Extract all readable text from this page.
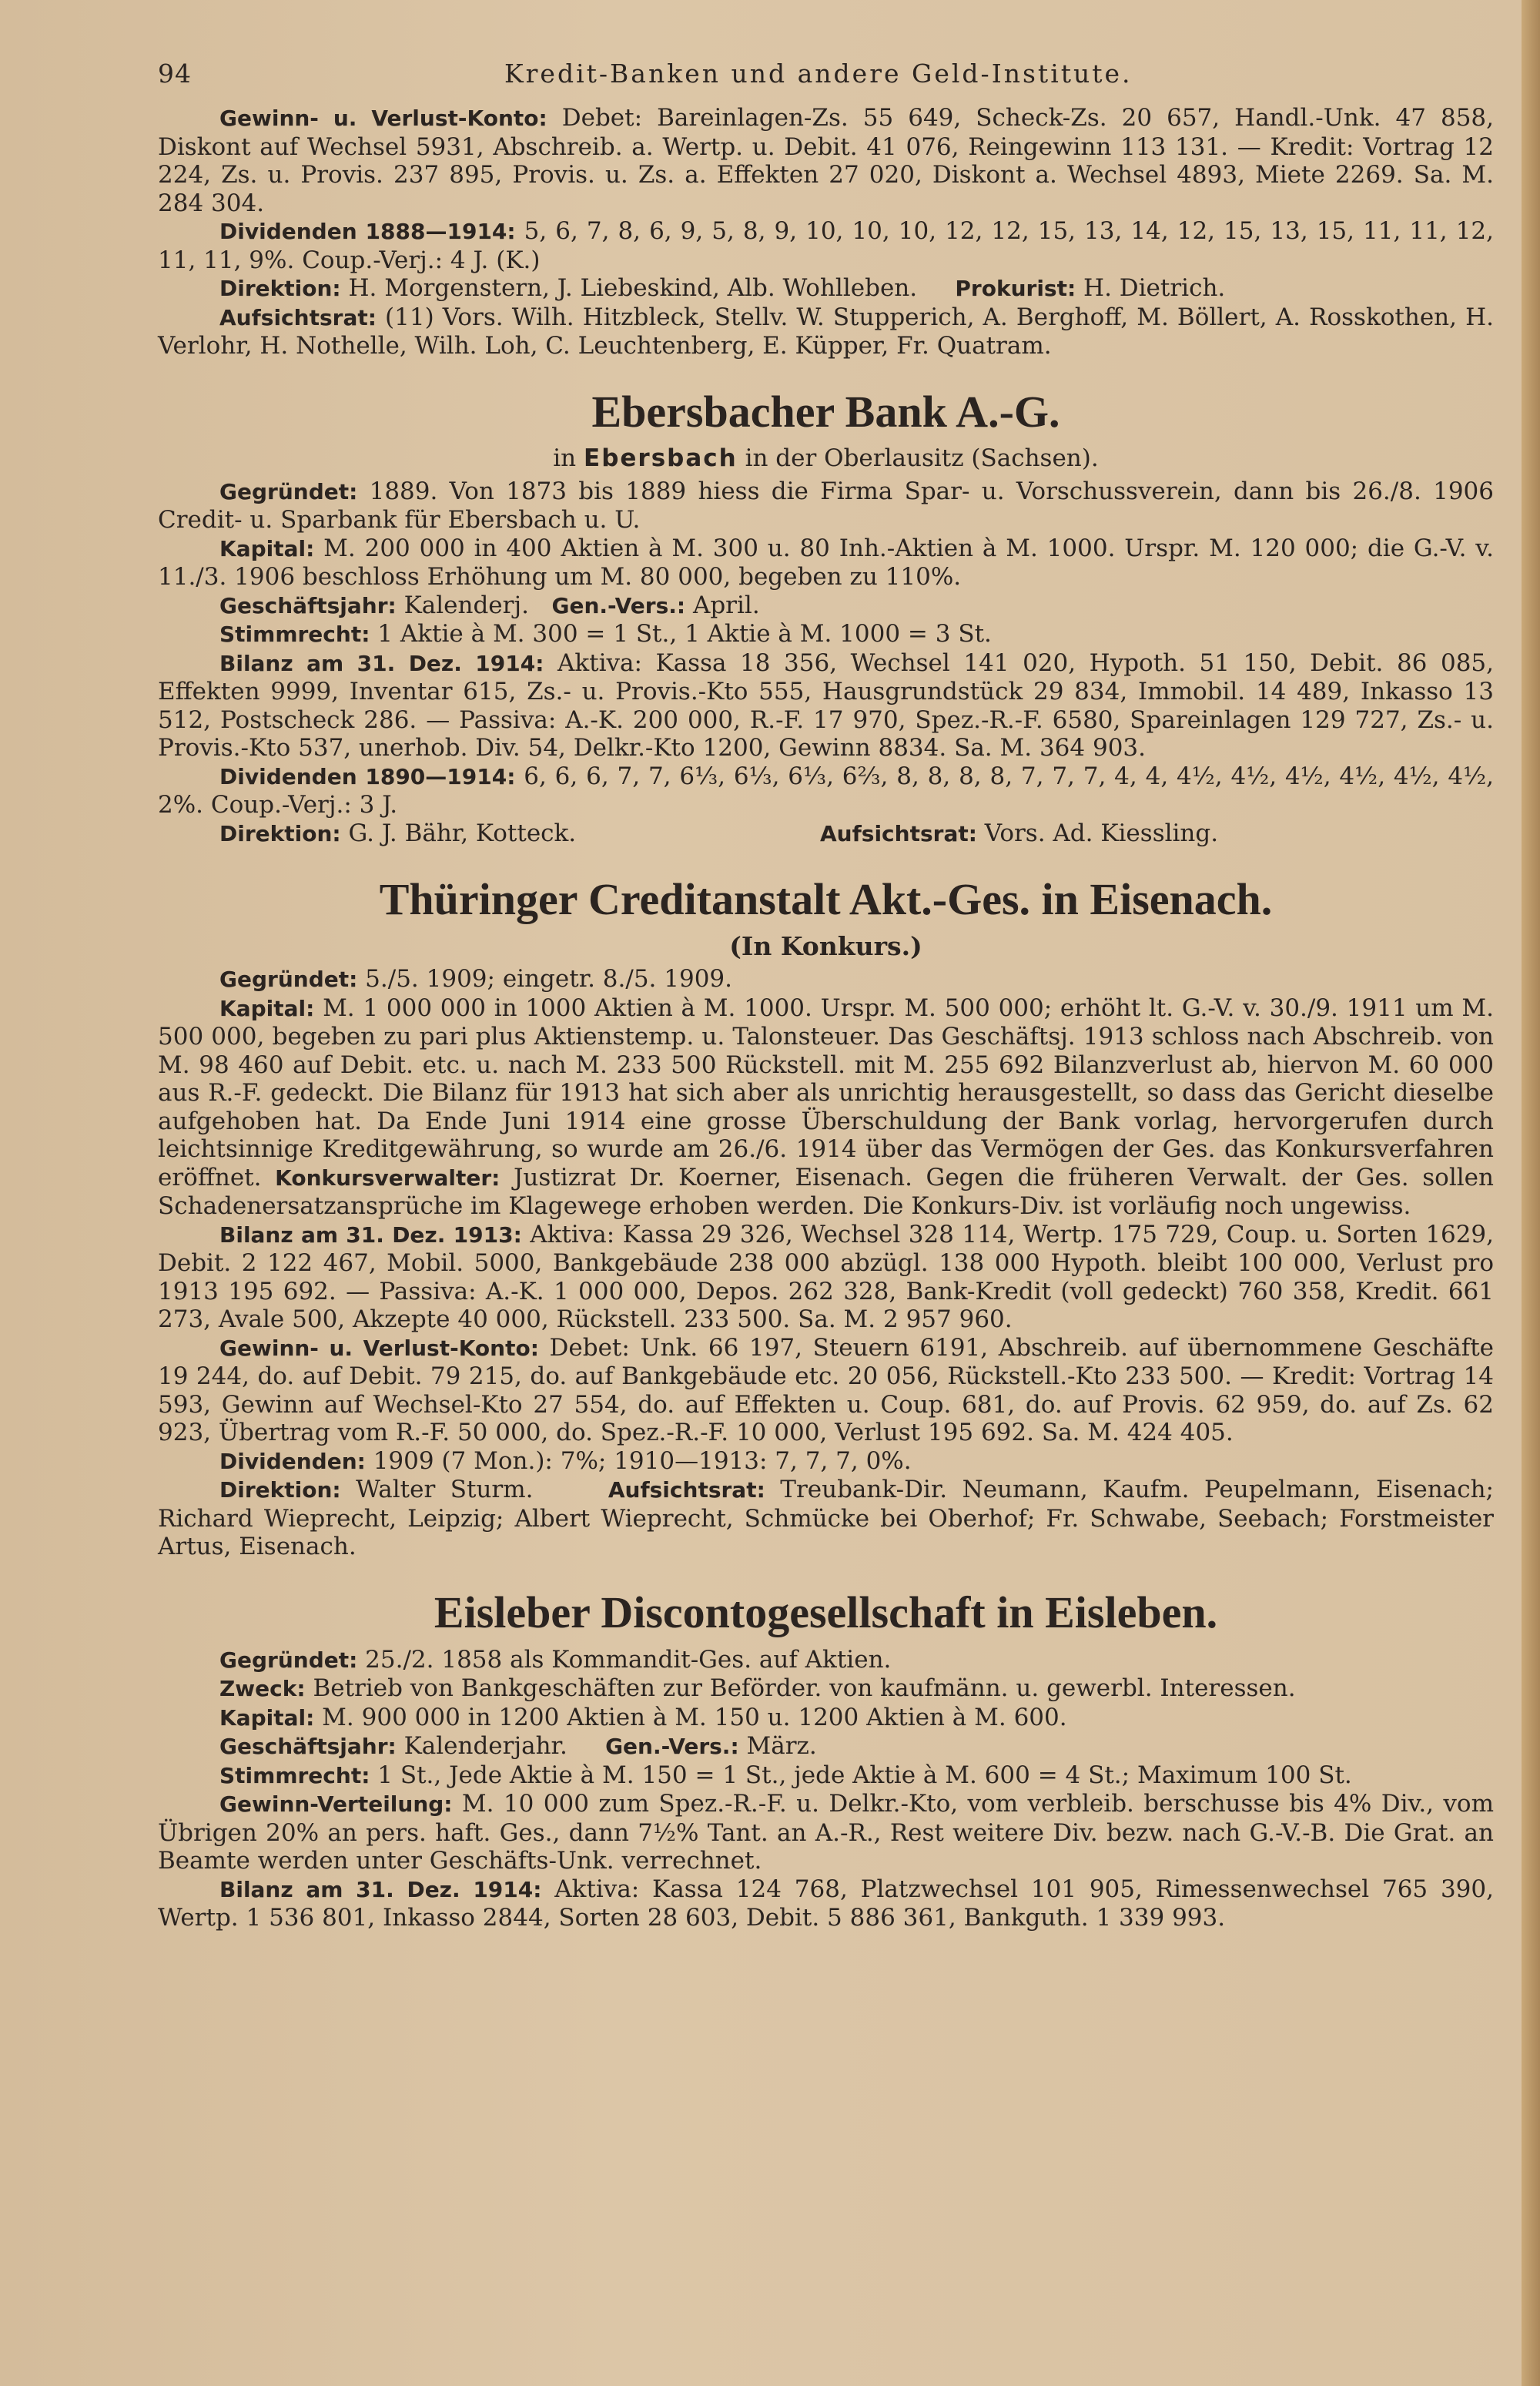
94	Kredit-Banken und andere Geld-Institute.

Gewinn- u. Verlust-Konto: Debet: Bareinlagen-Zs. 55 649, Scheck-Zs. 20 657, Handl.-Unk. 47 858, Diskont auf Wechsel 5931, Abschreib. a. Wertp. u. Debit. 41 076, Reingewinn 113 131. — Kredit: Vortrag 12 224, Zs. u. Provis. 237 895, Provis. u. Zs. a. Effekten 27 020, Diskont a. Wechsel 4893, Miete 2269. Sa. M. 284 304.

Dividenden 1888—1914: 5, 6, 7, 8, 6, 9, 5, 8, 9, 10, 10, 10, 12, 12, 15, 13, 14, 12, 15, 13, 15, 11, 11, 12, 11, 11, 9%. Coup.-Verj.: 4 J. (K.)

Direktion: H. Morgenstern, J. Liebeskind, Alb. Wohlleben. Prokurist: H. Dietrich.

Aufsichtsrat: (11) Vors. Wilh. Hitzbleck, Stellv. W. Stupperich, A. Berghoff, M. Böllert, A. Rosskothen, H. Verlohr, H. Nothelle, Wilh. Loh, C. Leuchtenberg, E. Küpper, Fr. Quatram.

Ebersbacher Bank A.-G.

in Ebersbach in der Oberlausitz (Sachsen).

Gegründet: 1889. Von 1873 bis 1889 hiess die Firma Spar- u. Vorschussverein, dann bis 26./8. 1906 Credit- u. Sparbank für Ebersbach u. U.

Kapital: M. 200 000 in 400 Aktien à M. 300 u. 80 Inh.-Aktien à M. 1000. Urspr. M. 120 000; die G.-V. v. 11./3. 1906 beschloss Erhöhung um M. 80 000, begeben zu 110%.

Geschäftsjahr: Kalenderj. Gen.-Vers.: April.

Stimmrecht: 1 Aktie à M. 300 = 1 St., 1 Aktie à M. 1000 = 3 St.

Bilanz am 31. Dez. 1914: Aktiva: Kassa 18 356, Wechsel 141 020, Hypoth. 51 150, Debit. 86 085, Effekten 9999, Inventar 615, Zs.- u. Provis.-Kto 555, Hausgrundstück 29 834, Immobil. 14 489, Inkasso 13 512, Postscheck 286. — Passiva: A.-K. 200 000, R.-F. 17 970, Spez.-R.-F. 6580, Spareinlagen 129 727, Zs.- u. Provis.-Kto 537, unerhob. Div. 54, Delkr.-Kto 1200, Gewinn 8834. Sa. M. 364 903.

Dividenden 1890—1914: 6, 6, 6, 7, 7, 6⅓, 6⅓, 6⅓, 6⅔, 8, 8, 8, 8, 7, 7, 7, 4, 4, 4½, 4½, 4½, 4½, 4½, 4½, 2%. Coup.-Verj.: 3 J.

Direktion: G. J. Bähr, Kotteck.	Aufsichtsrat: Vors. Ad. Kiessling.

Thüringer Creditanstalt Akt.-Ges. in Eisenach.

(In Konkurs.)

Gegründet: 5./5. 1909; eingetr. 8./5. 1909.

Kapital: M. 1 000 000 in 1000 Aktien à M. 1000. Urspr. M. 500 000; erhöht lt. G.-V. v. 30./9. 1911 um M. 500 000, begeben zu pari plus Aktienstemp. u. Talonsteuer. Das Geschäftsj. 1913 schloss nach Abschreib. von M. 98 460 auf Debit. etc. u. nach M. 233 500 Rückstell. mit M. 255 692 Bilanzverlust ab, hiervon M. 60 000 aus R.-F. gedeckt. Die Bilanz für 1913 hat sich aber als unrichtig herausgestellt, so dass das Gericht dieselbe aufgehoben hat. Da Ende Juni 1914 eine grosse Überschuldung der Bank vorlag, hervorgerufen durch leichtsinnige Kreditgewährung, so wurde am 26./6. 1914 über das Vermögen der Ges. das Konkursverfahren eröffnet. Konkursverwalter: Justizrat Dr. Koerner, Eisenach. Gegen die früheren Verwalt. der Ges. sollen Schadenersatzansprüche im Klagewege erhoben werden. Die Konkurs-Div. ist vorläufig noch ungewiss.

Bilanz am 31. Dez. 1913: Aktiva: Kassa 29 326, Wechsel 328 114, Wertp. 175 729, Coup. u. Sorten 1629, Debit. 2 122 467, Mobil. 5000, Bankgebäude 238 000 abzügl. 138 000 Hypoth. bleibt 100 000, Verlust pro 1913 195 692. — Passiva: A.-K. 1 000 000, Depos. 262 328, Bank-Kredit (voll gedeckt) 760 358, Kredit. 661 273, Avale 500, Akzepte 40 000, Rückstell. 233 500. Sa. M. 2 957 960.

Gewinn- u. Verlust-Konto: Debet: Unk. 66 197, Steuern 6191, Abschreib. auf übernommene Geschäfte 19 244, do. auf Debit. 79 215, do. auf Bankgebäude etc. 20 056, Rückstell.-Kto 233 500. — Kredit: Vortrag 14 593, Gewinn auf Wechsel-Kto 27 554, do. auf Effekten u. Coup. 681, do. auf Provis. 62 959, do. auf Zs. 62 923, Übertrag vom R.-F. 50 000, do. Spez.-R.-F. 10 000, Verlust 195 692. Sa. M. 424 405.

Dividenden: 1909 (7 Mon.): 7%; 1910—1913: 7, 7, 7, 0%.

Direktion: Walter Sturm.	Aufsichtsrat: Treubank-Dir. Neumann, Kaufm. Peupelmann, Eisenach; Richard Wieprecht, Leipzig; Albert Wieprecht, Schmücke bei Oberhof; Fr. Schwabe, Seebach; Forstmeister Artus, Eisenach.

Eisleber Discontogesellschaft in Eisleben.

Gegründet: 25./2. 1858 als Kommandit-Ges. auf Aktien.

Zweck: Betrieb von Bankgeschäften zur Beförder. von kaufmänn. u. gewerbl. Interessen.

Kapital: M. 900 000 in 1200 Aktien à M. 150 u. 1200 Aktien à M. 600.

Geschäftsjahr: Kalenderjahr. Gen.-Vers.: März.

Stimmrecht: 1 St., Jede Aktie à M. 150 = 1 St., jede Aktie à M. 600 = 4 St.; Maximum 100 St.

Gewinn-Verteilung: M. 10 000 zum Spez.-R.-F. u. Delkr.-Kto, vom verbleib. berschusse bis 4% Div., vom Übrigen 20% an pers. haft. Ges., dann 7½% Tant. an A.-R., Rest weitere Div. bezw. nach G.-V.-B. Die Grat. an Beamte werden unter Geschäfts-Unk. verrechnet.

Bilanz am 31. Dez. 1914: Aktiva: Kassa 124 768, Platzwechsel 101 905, Rimessenwechsel 765 390, Wertp. 1 536 801, Inkasso 2844, Sorten 28 603, Debit. 5 886 361, Bankguth. 1 339 993.
